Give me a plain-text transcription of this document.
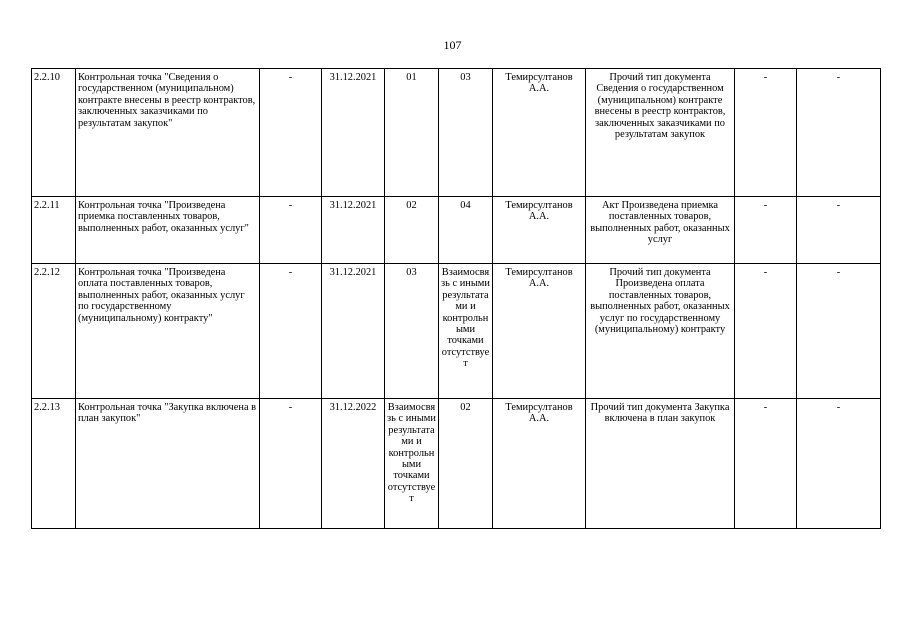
107
2.2.10	Контрольная точка "Сведения о государственном (муниципальном) контракте внесены в реестр контрактов, заключенных заказчиками по результатам закупок"	-	31.12.2021	01	03	Темирсултанов А.А.	Прочий тип документа Сведения о государственном (муниципальном) контракте внесены в реестр контрактов, заключенных заказчиками по результатам закупок	-	-
2.2.11	Контрольная точка "Произведена приемка поставленных товаров, выполненных работ, оказанных услуг"	-	31.12.2021	02	04	Темирсултанов А.А.	Акт Произведена приемка поставленных товаров, выполненных работ, оказанных услуг	-	-
2.2.12	Контрольная точка "Произведена оплата поставленных товаров, выполненных работ, оказанных услуг по государственному (муниципальному) контракту"	-	31.12.2021	03	Взаимосвязь с иными результатами и контрольными точками отсутствует	Темирсултанов А.А.	Прочий тип документа Произведена оплата поставленных товаров, выполненных работ, оказанных услуг по государственному (муниципальному) контракту	-	-
2.2.13	Контрольная точка "Закупка включена в план закупок"	-	31.12.2022	Взаимосвязь с иными результатами и контрольными точками отсутствует	02	Темирсултанов А.А.	Прочий тип документа Закупка включена в план закупок	-	-
